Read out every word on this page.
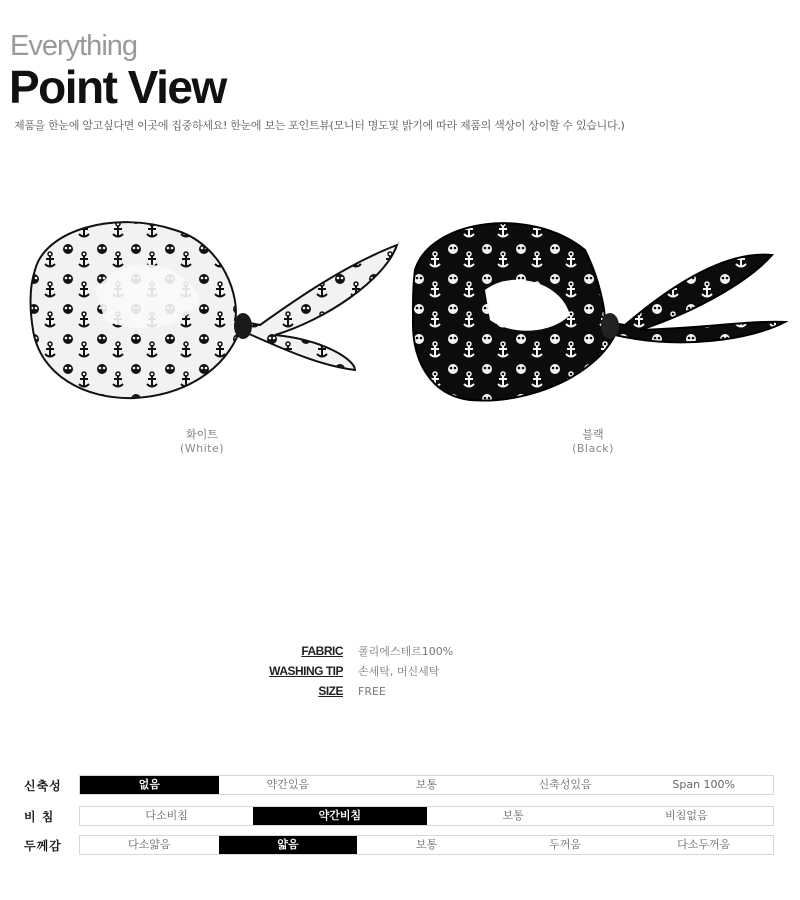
Everything
Point View
제품을 한눈에 알고싶다면 이곳에 집중하세요! 한눈에 보는 포인트뷰(모니터 명도및 밝기에 따라 제품의 색상이 상이할 수 있습니다.)
화이트
(White)
블랙
(Black)
FABRIC 폴리에스테르100%
WASHING TIP 손세탁, 머신세탁
SIZE FREE
신축성	없음	약간있음	보통	신축성있음	Span 100%
비 침	다소비침	약간비침	보통	비침없음
두께감	다소얇음	얇음	보통	두꺼움	다소두꺼움
